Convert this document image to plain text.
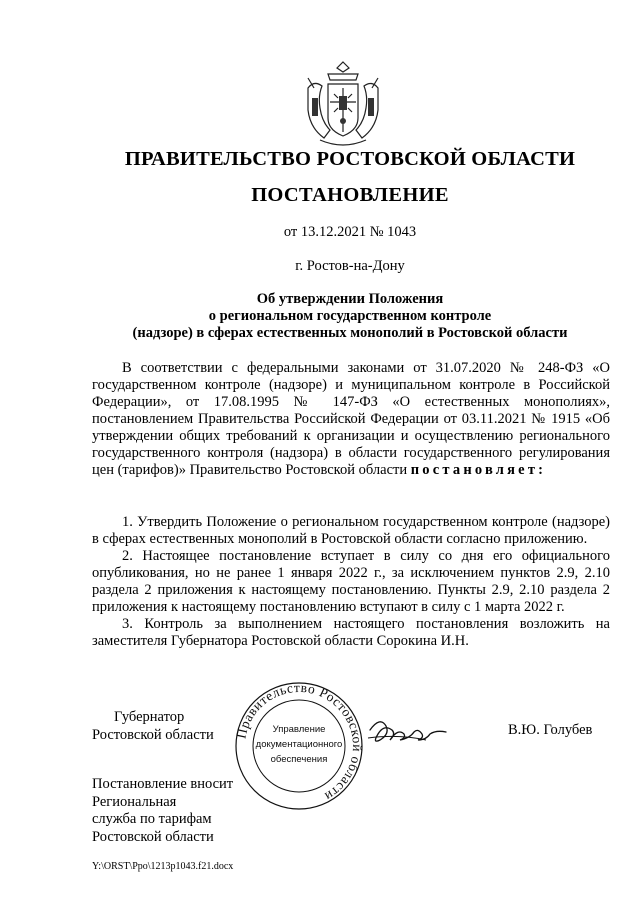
ПРАВИТЕЛЬСТВО РОСТОВСКОЙ ОБЛАСТИ
ПОСТАНОВЛЕНИЕ
от 13.12.2021 № 1043
г. Ростов-на-Дону
Об утверждении Положения
о региональном государственном контроле
(надзоре) в сферах естественных монополий в Ростовской области
В соответствии с федеральными законами от 31.07.2020 № 248-ФЗ «О государственном контроле (надзоре) и муниципальном контроле в Российской Федерации», от 17.08.1995 № 147-ФЗ «О естественных монополиях», постановлением Правительства Российской Федерации от 03.11.2021 № 1915 «Об утверждении общих требований к организации и осуществлению регионального государственного контроля (надзора) в области государственного регулирования цен (тарифов)» Правительство Ростовской области постановляет:

1. Утвердить Положение о региональном государственном контроле (надзоре) в сферах естественных монополий в Ростовской области согласно приложению.

2. Настоящее постановление вступает в силу со дня его официального опубликования, но не ранее 1 января 2022 г., за исключением пунктов 2.9, 2.10 раздела 2 приложения к настоящему постановлению. Пункты 2.9, 2.10 раздела 2 приложения к настоящему постановлению вступают в силу с 1 марта 2022 г.

3. Контроль за выполнением настоящего постановления возложить на заместителя Губернатора Ростовской области Сорокина И.Н.

Губернатор
Ростовской области	Правительство Ростовской области
Управление
документационного
обеспечения
В.Ю. Голубев
Постановление вносит
Региональная
служба по тарифам
Ростовской области
Y:\ORST\Ppo\1213p1043.f21.docx
